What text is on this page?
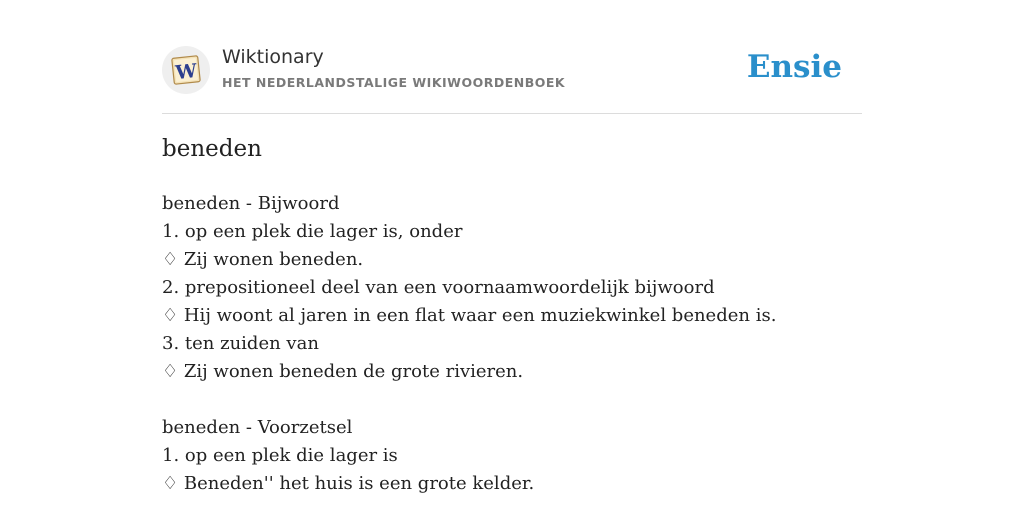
W
Wiktionary
HET NEDERLANDSTALIGE WIKIWOORDENBOEK	Ensie
beneden
beneden - Bijwoord
1. op een plek die lager is, onder
♢ Zij wonen beneden.
2. prepositioneel deel van een voornaamwoordelijk bijwoord
♢ Hij woont al jaren in een flat waar een muziekwinkel beneden is.
3. ten zuiden van
♢ Zij wonen beneden de grote rivieren.
beneden - Voorzetsel
1. op een plek die lager is
♢ Beneden'' het huis is een grote kelder.
